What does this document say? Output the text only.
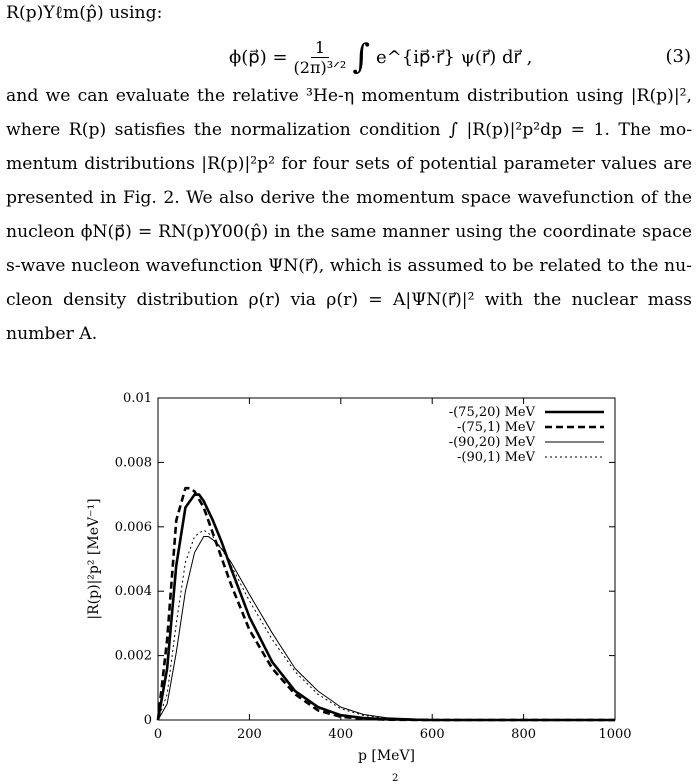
R(p)Yℓm(p̂) using:
ϕ(p⃗) = $\frac{1}{\text{(2π)³ᐟ²}}$ ∫ e^{ip⃗·r⃗} ψ(r⃗) dr⃗ ,	(3)
and we can evaluate the relative ³He-η momentum distribution using |R(p)|²,
where R(p) satisfies the normalization condition ∫ |R(p)|²p²dp = 1. The mo-
mentum distributions |R(p)|²p² for four sets of potential parameter values are
presented in Fig. 2. We also derive the momentum space wavefunction of the
nucleon ϕN(p⃗) = RN(p)Y00(p̂) in the same manner using the coordinate space
s-wave nucleon wavefunction ΨN(r⃗), which is assumed to be related to the nu-
cleon density distribution ρ(r) via ρ(r) = A|ΨN(r⃗)|² with the nuclear mass
number A.
0	200	400	600	800	1000
0
0.002
0.004
0.006
0.008
0.01
p [MeV]
|R(p)|²p² [MeV⁻¹]
-(75,20) MeV
-(75,1) MeV
-(90,20) MeV
-(90,1) MeV
2
